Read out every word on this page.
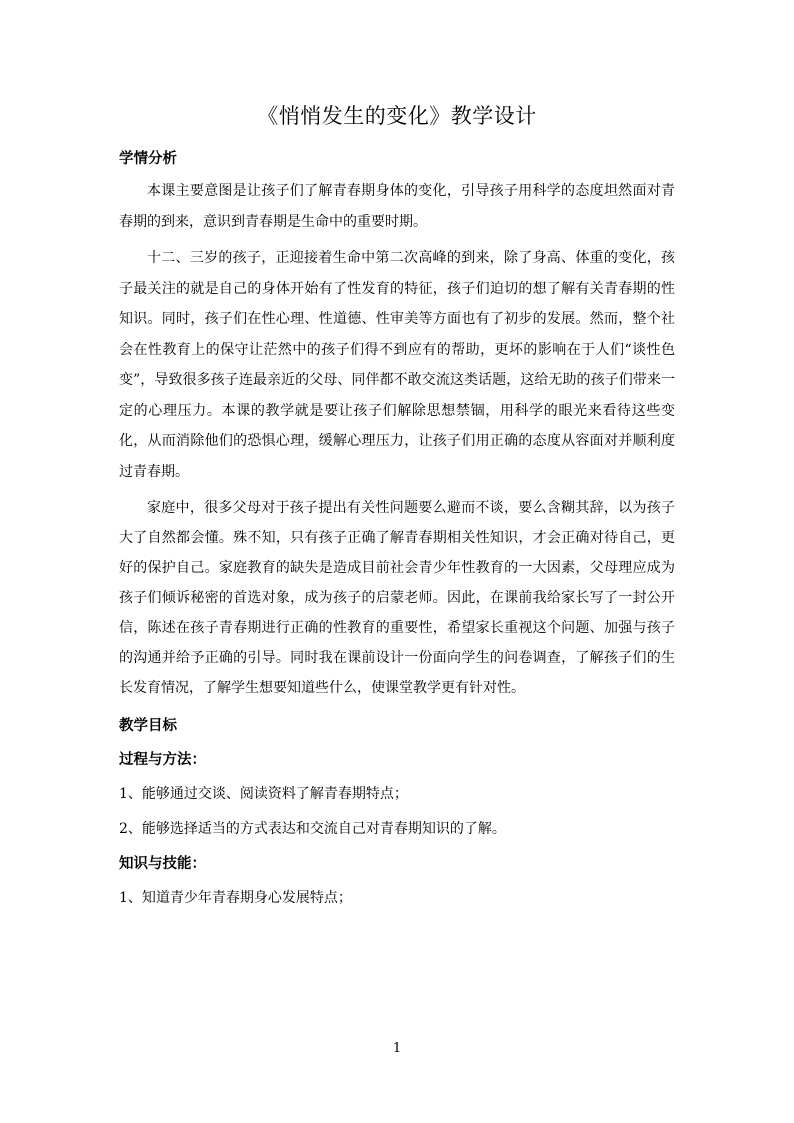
《悄悄发生的变化》教学设计

学情分析

本课主要意图是让孩子们了解青春期身体的变化，引导孩子用科学的态度坦然面对青春期的到来，意识到青春期是生命中的重要时期。

十二、三岁的孩子，正迎接着生命中第二次高峰的到来，除了身高、体重的变化，孩子最关注的就是自己的身体开始有了性发育的特征，孩子们迫切的想了解有关青春期的性知识。同时，孩子们在性心理、性道德、性审美等方面也有了初步的发展。然而，整个社会在性教育上的保守让茫然中的孩子们得不到应有的帮助，更坏的影响在于人们“谈性色变”，导致很多孩子连最亲近的父母、同伴都不敢交流这类话题，这给无助的孩子们带来一定的心理压力。本课的教学就是要让孩子们解除思想禁锢，用科学的眼光来看待这些变化，从而消除他们的恐惧心理，缓解心理压力，让孩子们用正确的态度从容面对并顺利度过青春期。

家庭中，很多父母对于孩子提出有关性问题要么避而不谈，要么含糊其辞，以为孩子大了自然都会懂。殊不知，只有孩子正确了解青春期相关性知识，才会正确对待自己，更好的保护自己。家庭教育的缺失是造成目前社会青少年性教育的一大因素，父母理应成为孩子们倾诉秘密的首选对象，成为孩子的启蒙老师。因此，在课前我给家长写了一封公开信，陈述在孩子青春期进行正确的性教育的重要性，希望家长重视这个问题、加强与孩子的沟通并给予正确的引导。同时我在课前设计一份面向学生的问卷调查，了解孩子们的生长发育情况，了解学生想要知道些什么，使课堂教学更有针对性。

教学目标

过程与方法：

1、能够通过交谈、阅读资料了解青春期特点；

2、能够选择适当的方式表达和交流自己对青春期知识的了解。

知识与技能：

1、知道青少年青春期身心发展特点；

1
